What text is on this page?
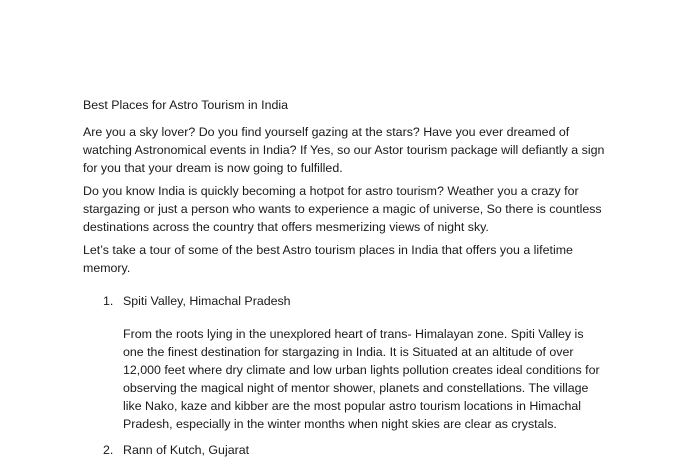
Best Places for Astro Tourism in India

Are you a sky lover? Do you find yourself gazing at the stars? Have you ever dreamed of watching Astronomical events in India? If Yes, so our Astor tourism package will defiantly a sign for you that your dream is now going to fulfilled.

Do you know India is quickly becoming a hotpot for astro tourism? Weather you a crazy for stargazing or just a person who wants to experience a magic of universe, So there is countless destinations across the country that offers mesmerizing views of night sky.

Let’s take a tour of some of the best Astro tourism places in India that offers you a lifetime memory.

1. Spiti Valley, Himachal Pradesh

From the roots lying in the unexplored heart of trans- Himalayan zone. Spiti Valley is one the finest destination for stargazing in India. It is Situated at an altitude of over 12,000 feet where dry climate and low urban lights pollution creates ideal conditions for observing the magical night of mentor shower, planets and constellations. The village like Nako, kaze and kibber are the most popular astro tourism locations in Himachal Pradesh, especially in the winter months when night skies are clear as crystals.

2. Rann of Kutch, Gujarat
